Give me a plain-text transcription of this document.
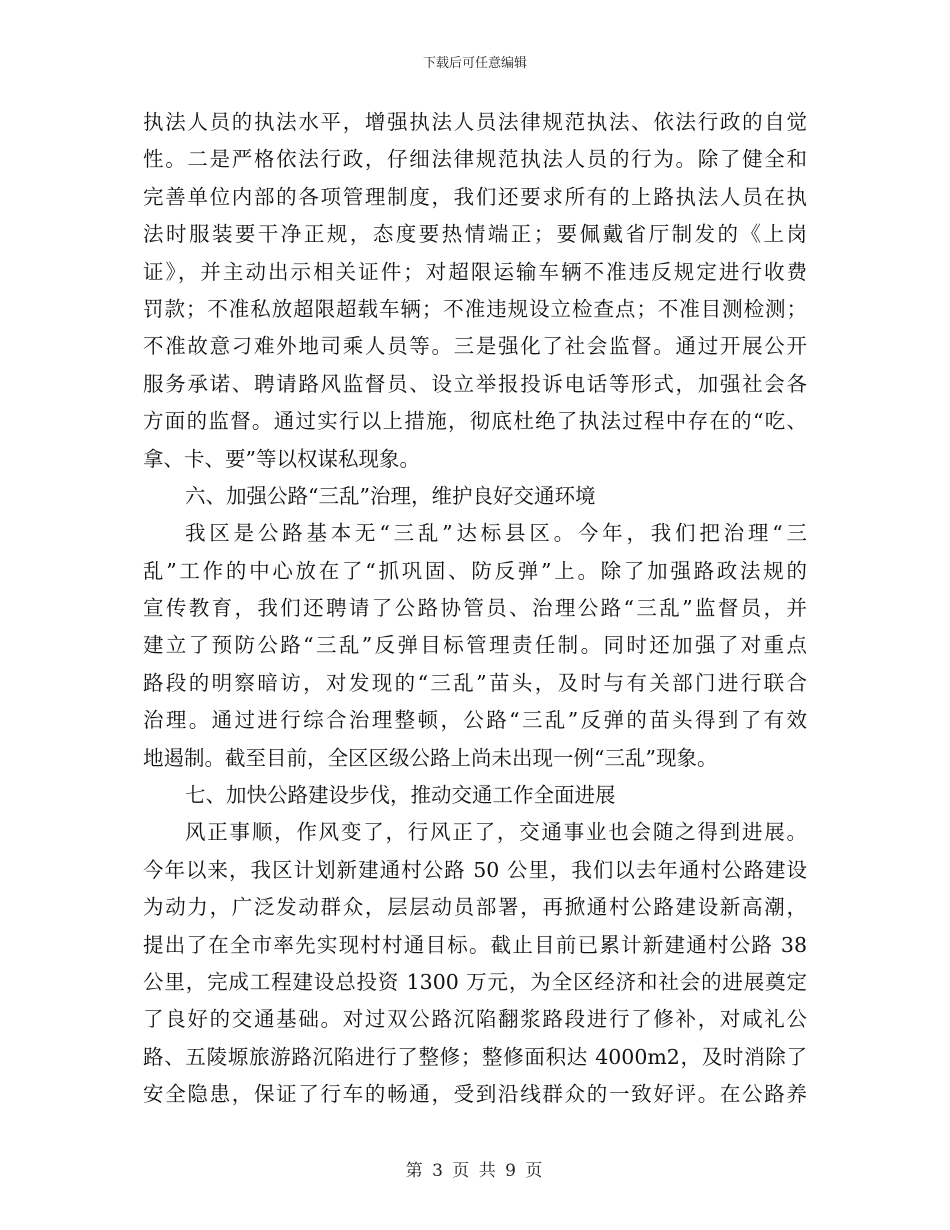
下载后可任意编辑
执法人员的执法水平，增强执法人员法律规范执法、依法行政的自觉
性。二是严格依法行政，仔细法律规范执法人员的行为。除了健全和
完善单位内部的各项管理制度，我们还要求所有的上路执法人员在执
法时服装要干净正规，态度要热情端正；要佩戴省厅制发的《上岗
证》，并主动出示相关证件；对超限运输车辆不准违反规定进行收费
罚款；不准私放超限超载车辆；不准违规设立检查点；不准目测检测；
不准故意刁难外地司乘人员等。三是强化了社会监督。通过开展公开
服务承诺、聘请路风监督员、设立举报投诉电话等形式，加强社会各
方面的监督。通过实行以上措施，彻底杜绝了执法过程中存在的“吃、
拿、卡、要”等以权谋私现象。
六、加强公路“三乱”治理，维护良好交通环境
我区是公路基本无“三乱”达标县区。今年，我们把治理“三
乱”工作的中心放在了“抓巩固、防反弹”上。除了加强路政法规的
宣传教育，我们还聘请了公路协管员、治理公路“三乱”监督员，并
建立了预防公路“三乱”反弹目标管理责任制。同时还加强了对重点
路段的明察暗访，对发现的“三乱”苗头，及时与有关部门进行联合
治理。通过进行综合治理整顿，公路“三乱”反弹的苗头得到了有效
地遏制。截至目前，全区区级公路上尚未出现一例“三乱”现象。
七、加快公路建设步伐，推动交通工作全面进展
风正事顺，作风变了，行风正了，交通事业也会随之得到进展。
今年以来，我区计划新建通村公路 50 公里，我们以去年通村公路建设
为动力，广泛发动群众，层层动员部署，再掀通村公路建设新高潮，
提出了在全市率先实现村村通目标。截止目前已累计新建通村公路 38
公里，完成工程建设总投资 1300 万元，为全区经济和社会的进展奠定
了良好的交通基础。对过双公路沉陷翻浆路段进行了修补，对咸礼公
路、五陵塬旅游路沉陷进行了整修；整修面积达 4000m2，及时消除了
安全隐患，保证了行车的畅通，受到沿线群众的一致好评。在公路养
第 3 页 共 9 页
